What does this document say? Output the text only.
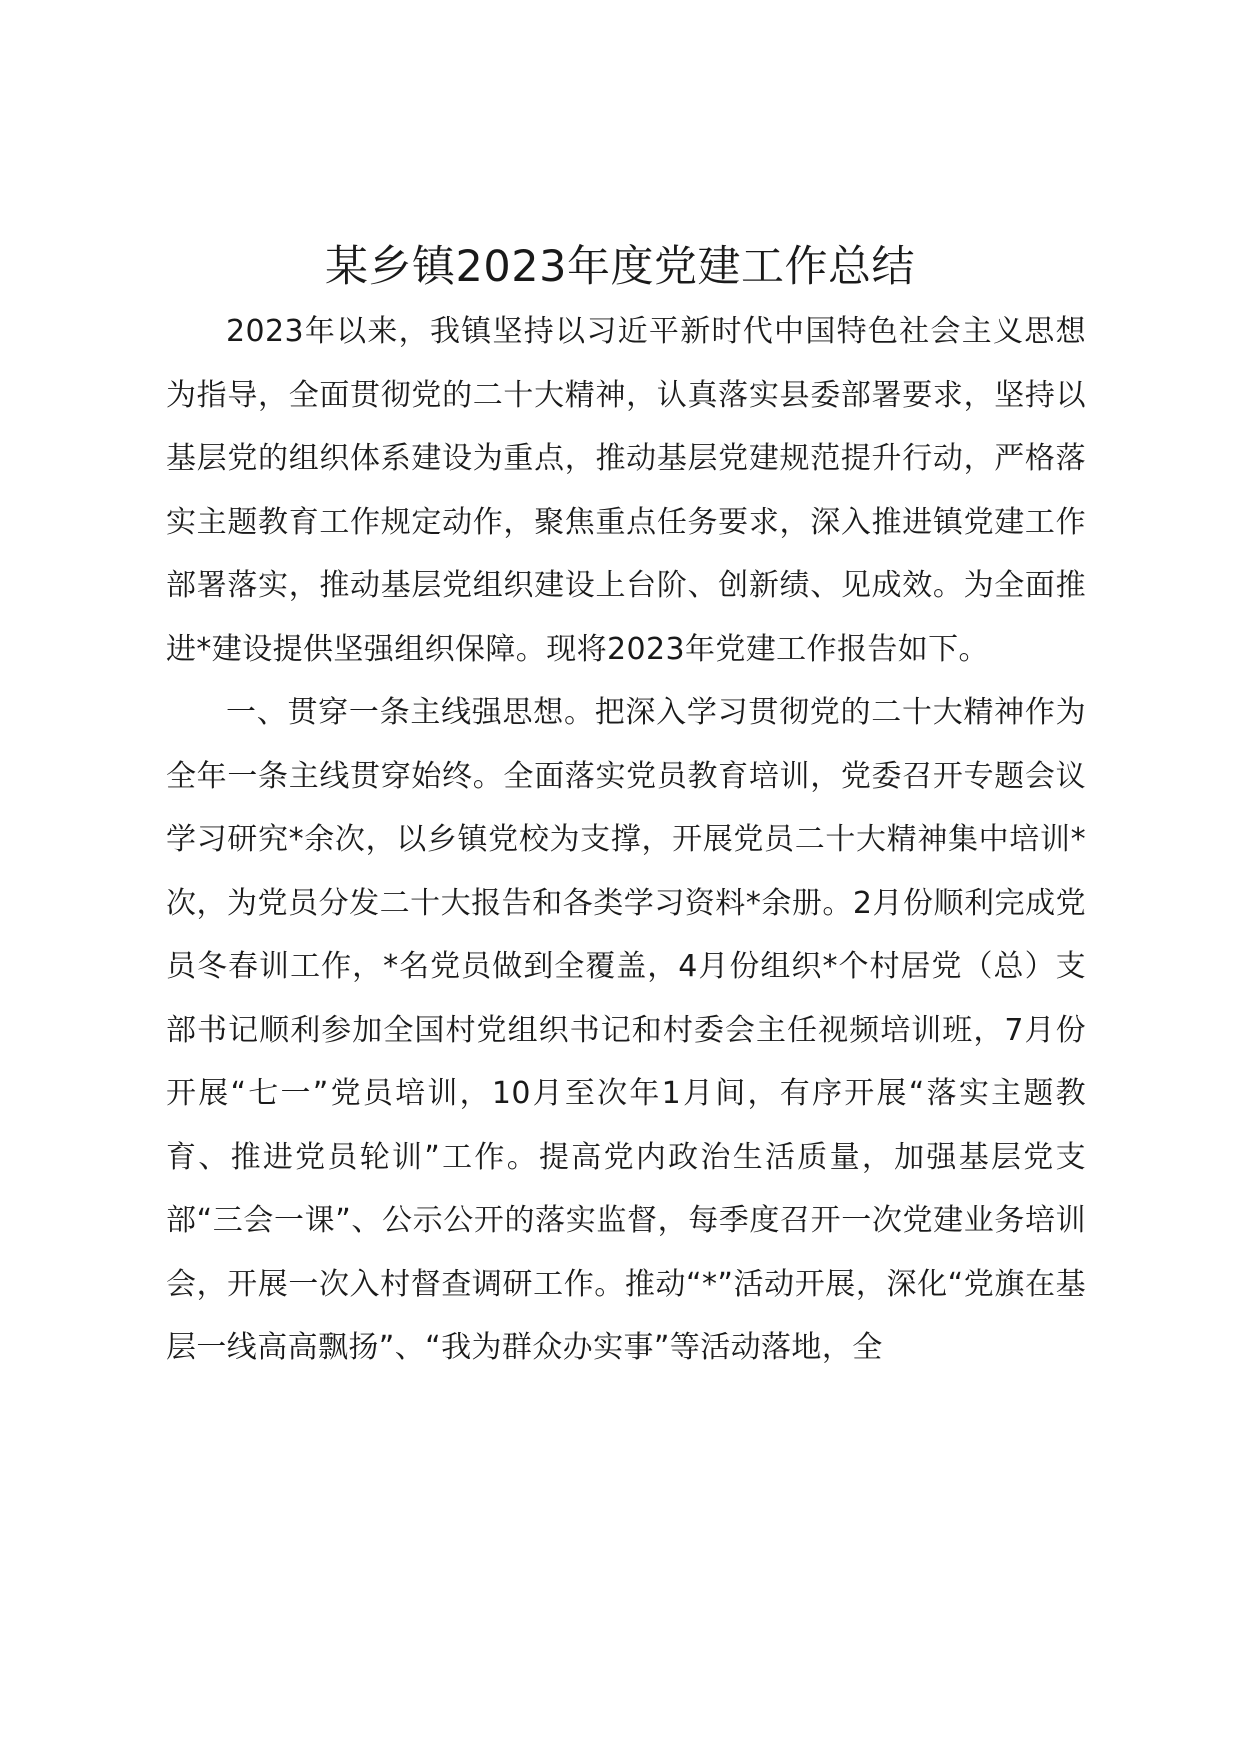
某乡镇2023年度党建工作总结

2023年以来，我镇坚持以习近平新时代中国特色社会主义思想为指导，全面贯彻党的二十大精神，认真落实县委部署要求，坚持以基层党的组织体系建设为重点，推动基层党建规范提升行动，严格落实主题教育工作规定动作，聚焦重点任务要求，深入推进镇党建工作部署落实，推动基层党组织建设上台阶、创新绩、见成效。为全面推进*建设提供坚强组织保障。现将2023年党建工作报告如下。

一、贯穿一条主线强思想。把深入学习贯彻党的二十大精神作为全年一条主线贯穿始终。全面落实党员教育培训，党委召开专题会议学习研究*余次，以乡镇党校为支撑，开展党员二十大精神集中培训*次，为党员分发二十大报告和各类学习资料*余册。2月份顺利完成党员冬春训工作，*名党员做到全覆盖，4月份组织*个村居党（总）支部书记顺利参加全国村党组织书记和村委会主任视频培训班，7月份开展“七一”党员培训，10月至次年1月间，有序开展“落实主题教育、推进党员轮训”工作。提高党内政治生活质量，加强基层党支部“三会一课”、公示公开的落实监督，每季度召开一次党建业务培训会，开展一次入村督查调研工作。推动“*”活动开展，深化“党旗在基层一线高高飘扬”、“我为群众办实事”等活动落地，全
